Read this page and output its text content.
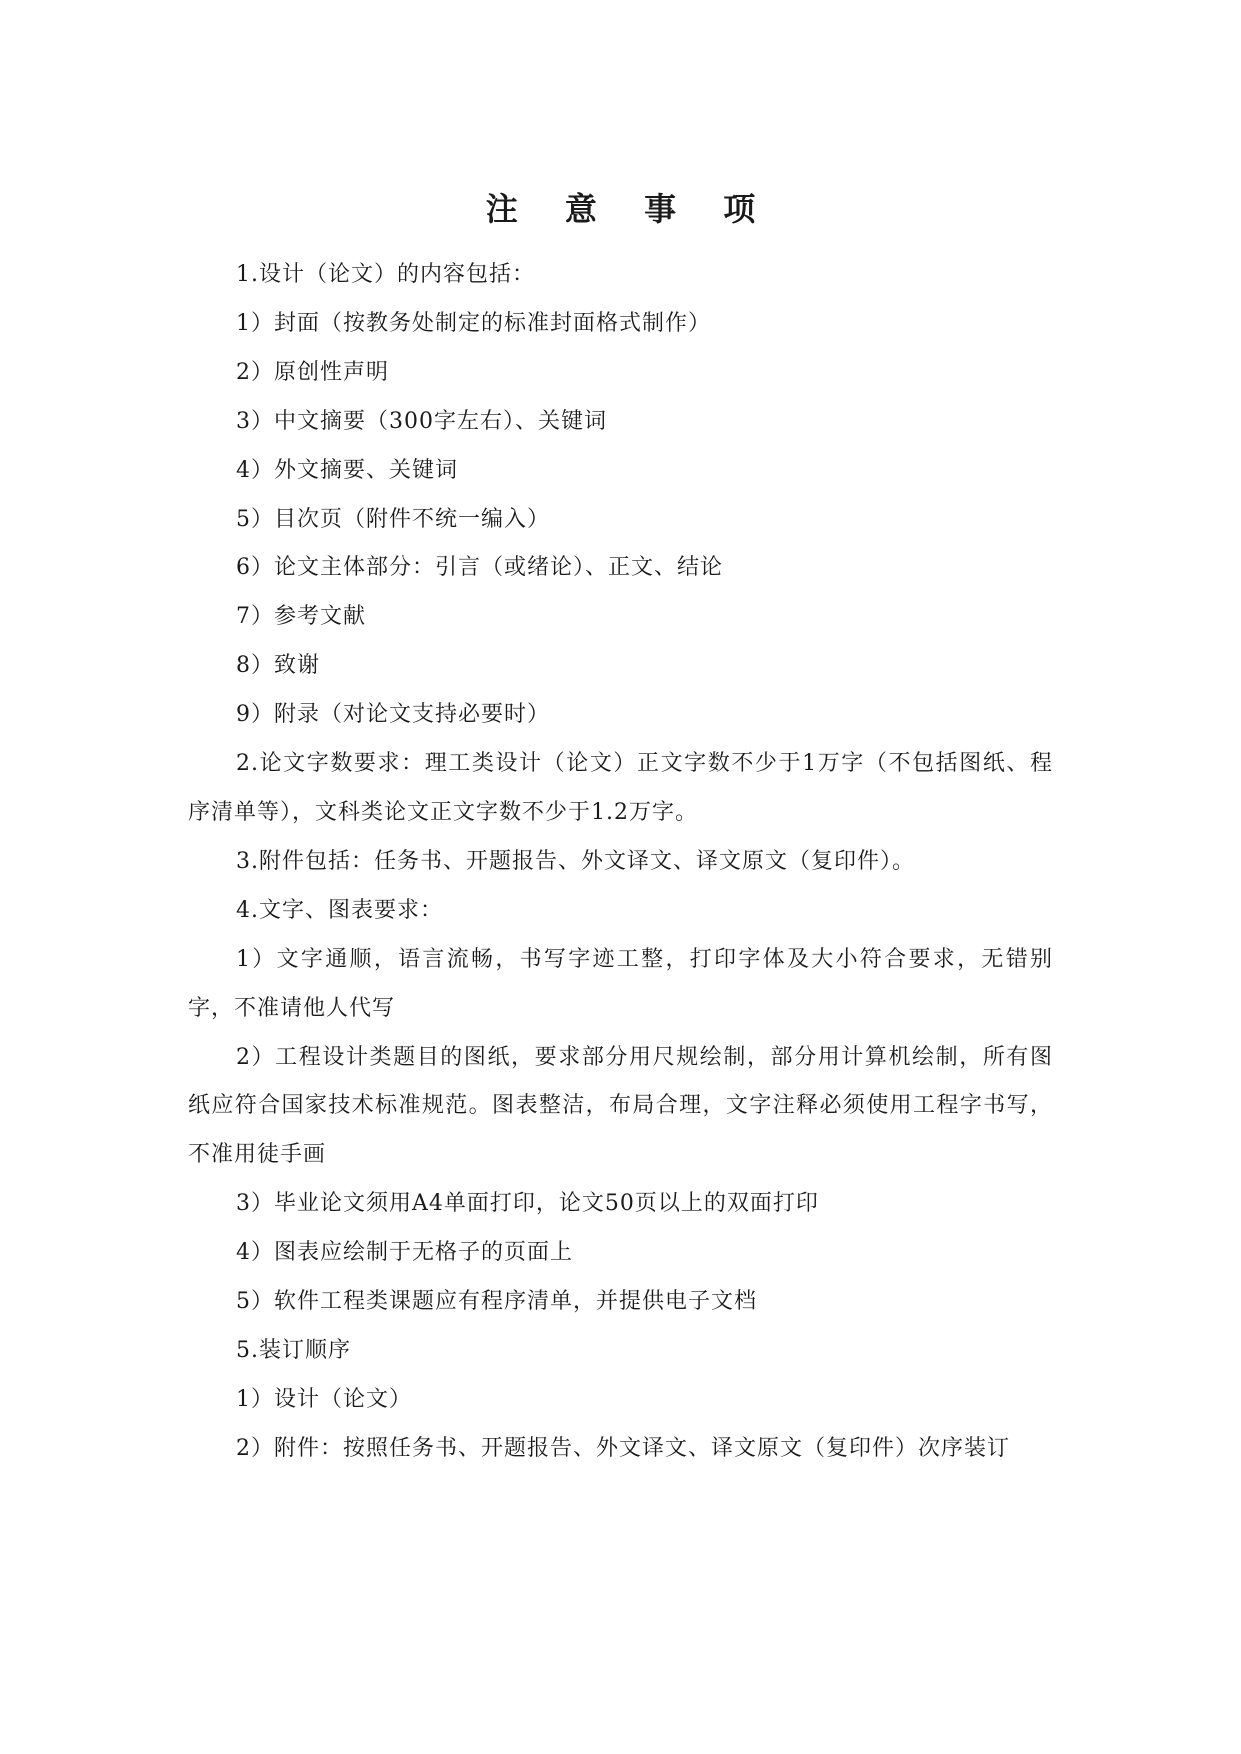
注 意 事 项

1.设计（论文）的内容包括：

1）封面（按教务处制定的标准封面格式制作）

2）原创性声明

3）中文摘要（300字左右）、关键词

4）外文摘要、关键词

5）目次页（附件不统一编入）

6）论文主体部分：引言（或绪论）、正文、结论

7）参考文献

8）致谢

9）附录（对论文支持必要时）

2.论文字数要求：理工类设计（论文）正文字数不少于1万字（不包括图纸、程序清单等），文科类论文正文字数不少于1.2万字。

3.附件包括：任务书、开题报告、外文译文、译文原文（复印件）。

4.文字、图表要求：

1）文字通顺，语言流畅，书写字迹工整，打印字体及大小符合要求，无错别字，不准请他人代写

2）工程设计类题目的图纸，要求部分用尺规绘制，部分用计算机绘制，所有图纸应符合国家技术标准规范。图表整洁，布局合理，文字注释必须使用工程字书写，不准用徒手画

3）毕业论文须用A4单面打印，论文50页以上的双面打印

4）图表应绘制于无格子的页面上

5）软件工程类课题应有程序清单，并提供电子文档

5.装订顺序

1）设计（论文）

2）附件：按照任务书、开题报告、外文译文、译文原文（复印件）次序装订
